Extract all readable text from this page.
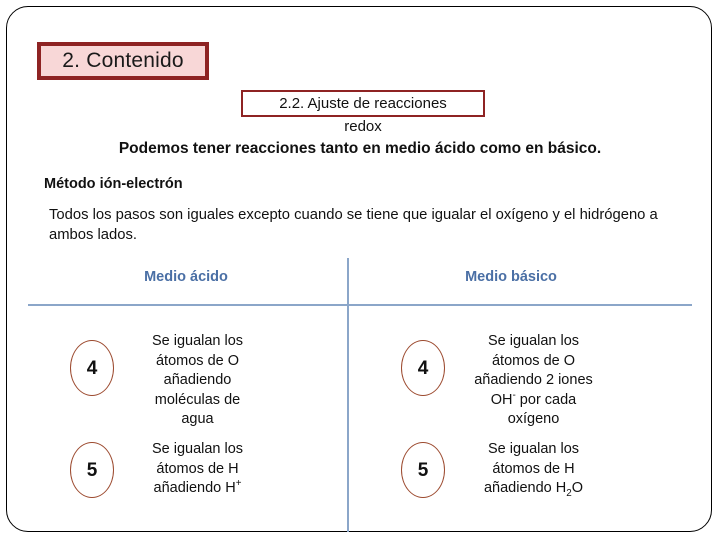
2. Contenido
2.2. Ajuste de reacciones
redox
Podemos tener reacciones tanto en medio ácido como en básico.
Método ión-electrón
Todos los pasos son iguales excepto cuando se tiene que igualar el oxígeno y el hidrógeno a ambos lados.
Medio ácido	Medio básico
4
Se igualan los
átomos de O
añadiendo
moléculas de
agua
5
Se igualan los
átomos de H
añadiendo H+
4
Se igualan los
átomos de O
añadiendo 2 iones
OH- por cada
oxígeno
5
Se igualan los
átomos de H
añadiendo $H_2O$
